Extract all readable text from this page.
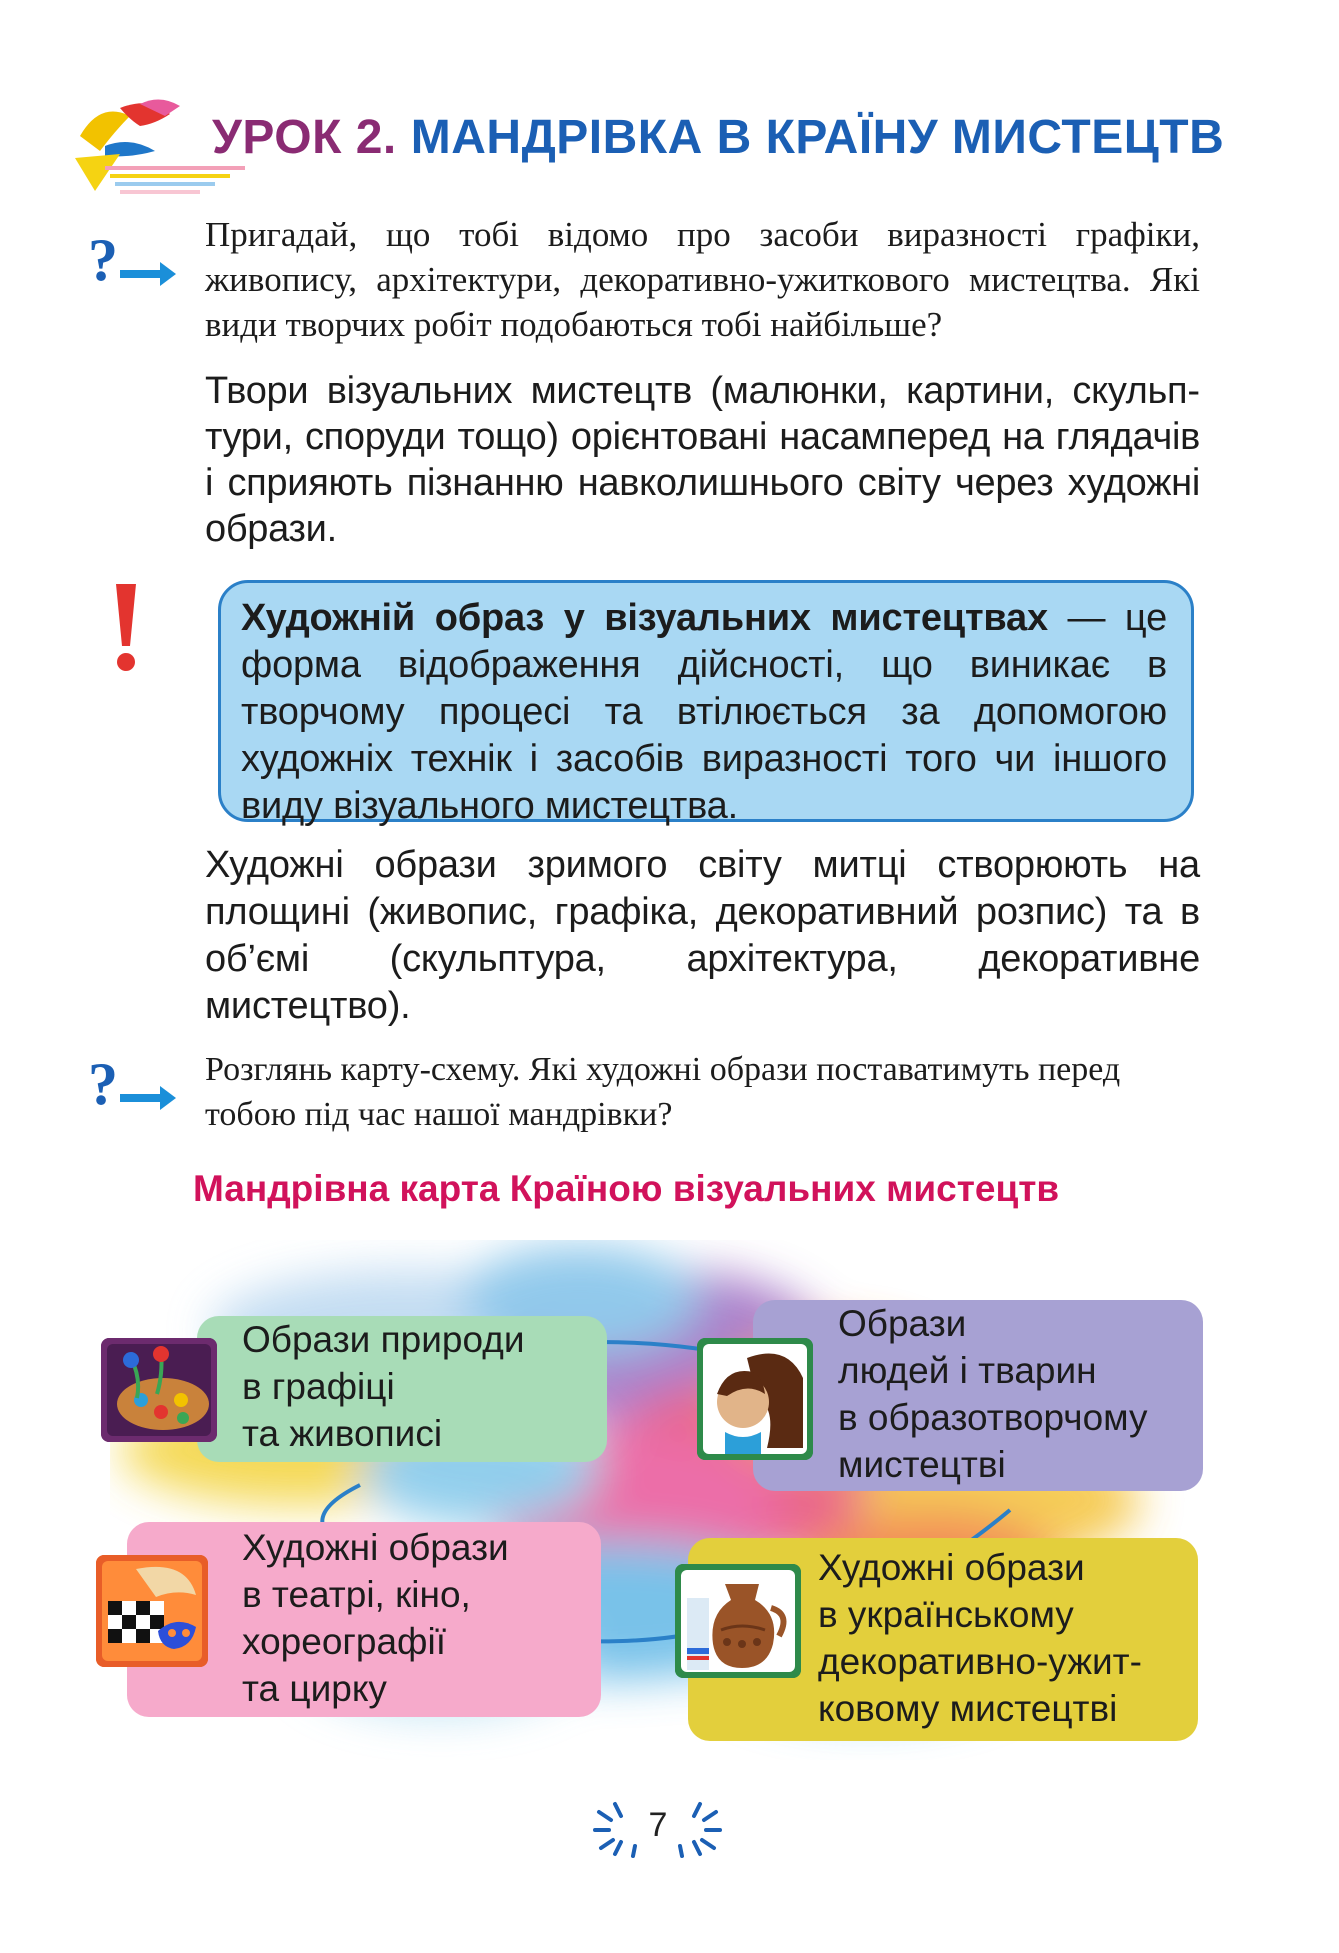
УРОК 2. МАНДРІВКА В КРАЇНУ МИСТЕЦТВ
? Пригадай, що тобі відомо про засоби виразності графіки, живопису, архітектури, декоративно-ужиткового мистецтва. Які види творчих робіт подобаються тобі найбільше?
Твори візуальних мистецтв (малюнки, картини, скульптури, споруди тощо) орієнтовані насамперед на глядачів і сприяють пізнанню навколишнього світу через художні образи.
Художній образ у візуальних мистецтвах — це форма відображення дійсності, що виникає в творчому процесі та втілюється за допомогою художніх технік і засобів виразності того чи іншого виду візуального мистецтва.
Художні образи зримого світу митці створюють на площині (живопис, графіка, декоративний розпис) та в об’ємі (скульптура, архітектура, декоративне мистецтво).
?	Розглянь карту-схему. Які художні образи поставатимуть перед тобою під час нашої мандрівки?
Мандрівна карта Країною візуальних мистецтв
Образи природи
в графіці
та живописі
Образи
людей і тварин
в образотворчому
мистецтві
Художні образи
в театрі, кіно,
хореографії
та цирку
Художні образи
в українському
декоративно-ужит-
ковому мистецтві
7
